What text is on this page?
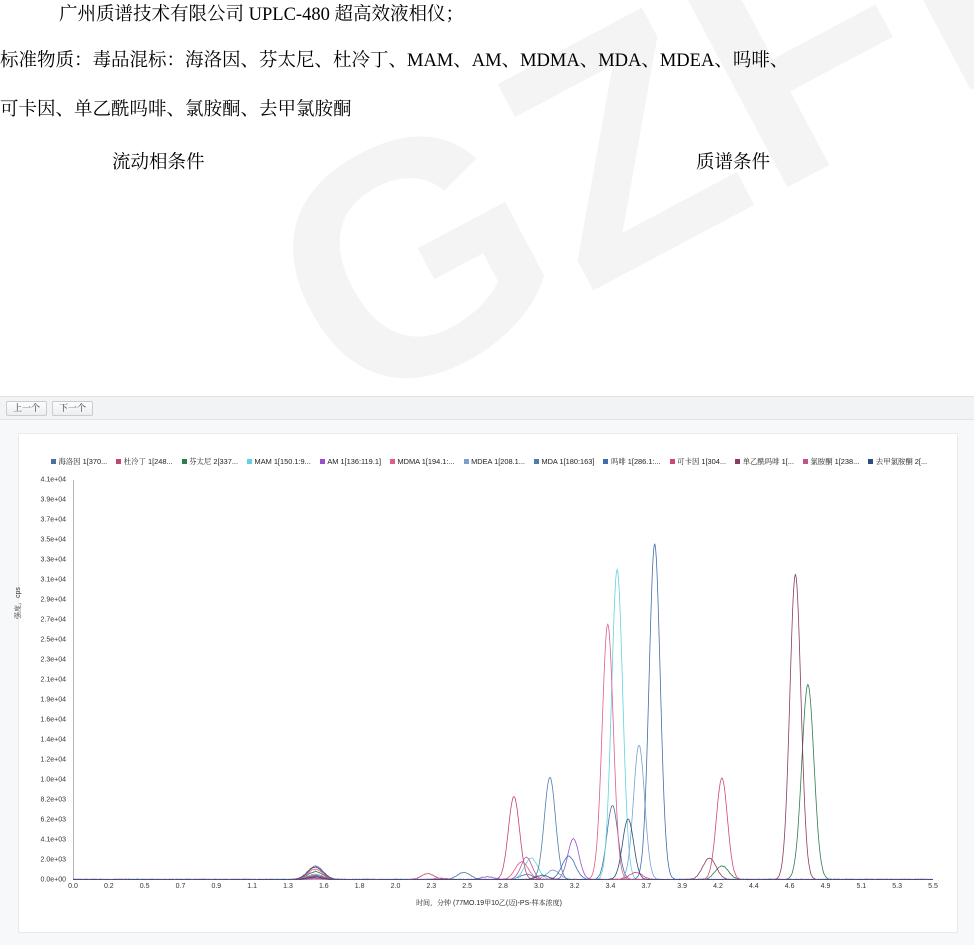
广州质谱技术有限公司 UPLC-480 超高效液相仪；
标准物质：毒品混标：海洛因、芬太尼、杜冷丁、MAM、AM、MDMA、MDA、MDEA、吗啡、
可卡因、单乙酰吗啡、氯胺酮、去甲氯胺酮
流动相条件	质谱条件
上一个	下一个
海洛因 1[370... 杜冷丁 1[248... 芬太尼 2[337... MAM 1[150.1:9... AM 1[136:119.1] MDMA 1[194.1:... MDEA 1[208.1... MDA 1[180:163] 吗啡 1[286.1:... 可卡因 1[304... 单乙酰吗啡 1[... 氯胺酮 1[238... 去甲氯胺酮 2[...
强度，cps
0.0e+00
2.0e+03
4.1e+03
6.2e+03
8.2e+03
1.0e+04
1.2e+04
1.4e+04
1.6e+04
1.9e+04
2.1e+04
2.3e+04
2.5e+04
2.7e+04
2.9e+04
3.1e+04
3.3e+04
3.5e+04
3.7e+04
3.9e+04
4.1e+04
0.0	0.2	0.5	0.7	0.9	1.1	1.3	1.6	1.8	2.0	2.3	2.5	2.8	3.0	3.2	3.4	3.7	3.9	4.2	4.4	4.6	4.9	5.1	5.3	5.5
时间，分钟 (77MO.19甲10乙(迈)-PS-样本浓度)
